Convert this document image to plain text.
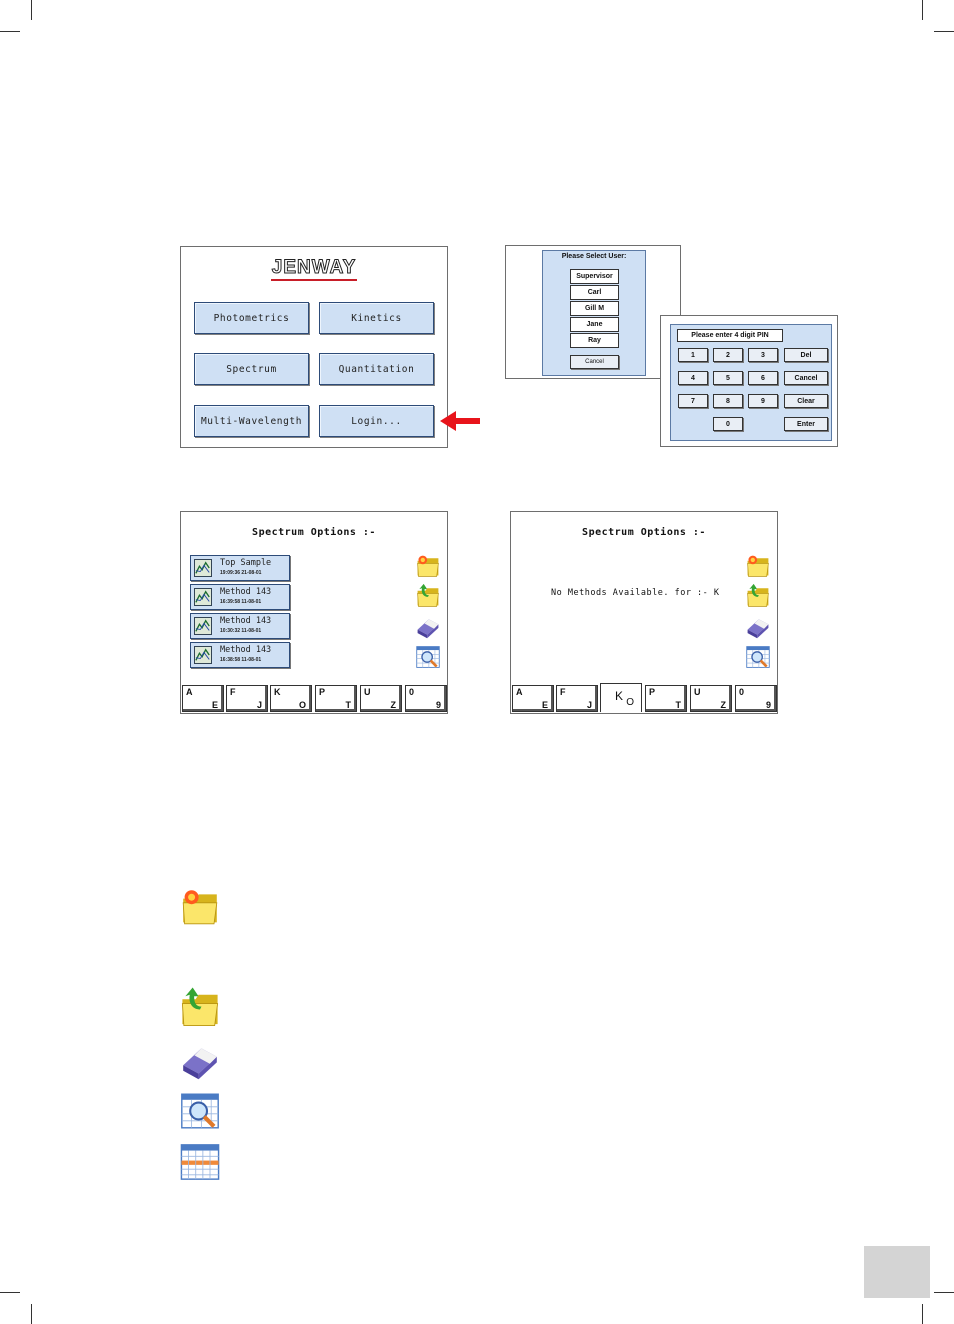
JENWAY
Photometrics	Kinetics
Spectrum	Quantitation
Multi-Wavelength	Login...
Please Select User:
Supervisor
Carl
Gill M
Jane
Ray
Cancel
Please enter 4 digit PIN
1	2	3	Del
4	5	6	Cancel
7	8	9	Clear
0	Enter
Spectrum Options :-
Top Sample
19:09:36 21-08-01
Method 143
16:39:58 11-08-01
Method 143
10:30:32 11-08-01
Method 143
16:38:58 11-08-01
A
E
F
J
K
O
P
T
U
Z
0
9
Spectrum Options :-
No Methods Available. for :- K
A
E
F
J
K O
P
T
U
Z
0
9
